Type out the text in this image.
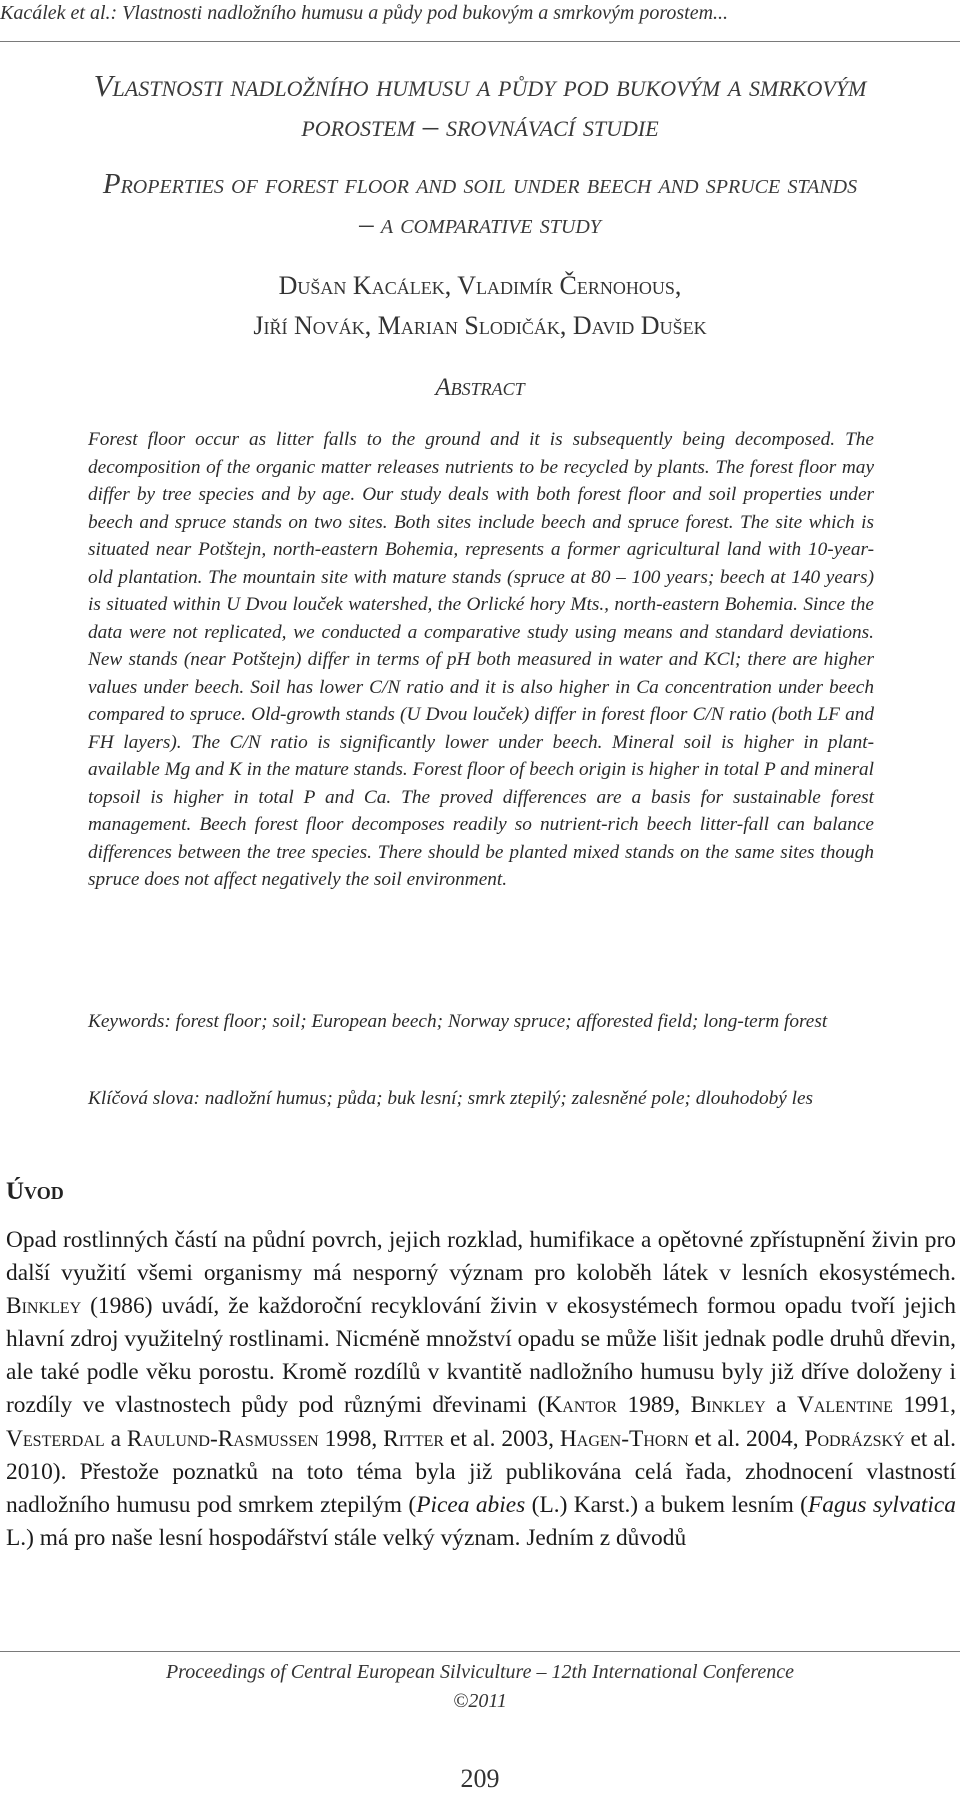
Kacálek et al.: Vlastnosti nadložního humusu a půdy pod bukovým a smrkovým porostem...
Vlastnosti nadložního humusu a půdy pod bukovým a smrkovým
porostem – srovnávací studie
Properties of forest floor and soil under beech and spruce stands
– a comparative study
Dušan Kacálek, Vladimír Černohous,
Jiří Novák, Marian Slodičák, David Dušek
Abstract
Forest floor occur as litter falls to the ground and it is subsequently being decomposed. The decomposition of the organic matter releases nutrients to be recycled by plants. The forest floor may differ by tree species and by age. Our study deals with both forest floor and soil properties under beech and spruce stands on two sites. Both sites include beech and spruce forest. The site which is situated near Potštejn, north-eastern Bohemia, represents a former agricultural land with 10-year-old plantation. The mountain site with mature stands (spruce at 80 – 100 years; beech at 140 years) is situated within U Dvou louček watershed, the Orlické hory Mts., north-eastern Bohemia. Since the data were not replicated, we conducted a comparative study using means and standard deviations. New stands (near Potštejn) differ in terms of pH both measured in water and KCl; there are higher values under beech. Soil has lower C/N ratio and it is also higher in Ca concentration under beech compared to spruce. Old-growth stands (U Dvou louček) differ in forest floor C/N ratio (both LF and FH layers). The C/N ratio is significantly lower under beech. Mineral soil is higher in plant-available Mg and K in the mature stands. Forest floor of beech origin is higher in total P and mineral topsoil is higher in total P and Ca. The proved differences are a basis for sustainable forest management. Beech forest floor decomposes readily so nutrient-rich beech litter-fall can balance differences between the tree species. There should be planted mixed stands on the same sites though spruce does not affect negatively the soil environment.
Keywords: forest floor; soil; European beech; Norway spruce; afforested field; long-term forest
Klíčová slova: nadložní humus; půda; buk lesní; smrk ztepilý; zalesněné pole; dlouhodobý les
Úvod

Opad rostlinných částí na půdní povrch, jejich rozklad, humifikace a opětovné zpřístupnění živin pro další využití všemi organismy má nesporný význam pro koloběh látek v lesních ekosystémech. Binkley (1986) uvádí, že každoroční recyklování živin v ekosystémech formou opadu tvoří jejich hlavní zdroj využitelný rostlinami. Nicméně množství opadu se může lišit jednak podle druhů dřevin, ale také podle věku porostu. Kromě rozdílů v kvantitě nadložního humusu byly již dříve doloženy i rozdíly ve vlastnostech půdy pod různými dřevinami (Kantor 1989, Binkley a Valentine 1991, Vesterdal a Raulund-Rasmussen 1998, Ritter et al. 2003, Hagen-Thorn et al. 2004, Podrázský et al. 2010). Přestože poznatků na toto téma byla již publikována celá řada, zhodnocení vlastností nadložního humusu pod smrkem ztepilým (Picea abies (L.) Karst.) a bukem lesním (Fagus sylvatica L.) má pro naše lesní hospodářství stále velký význam. Jedním z důvodů

Proceedings of Central European Silviculture – 12th International Conference
©2011
209
